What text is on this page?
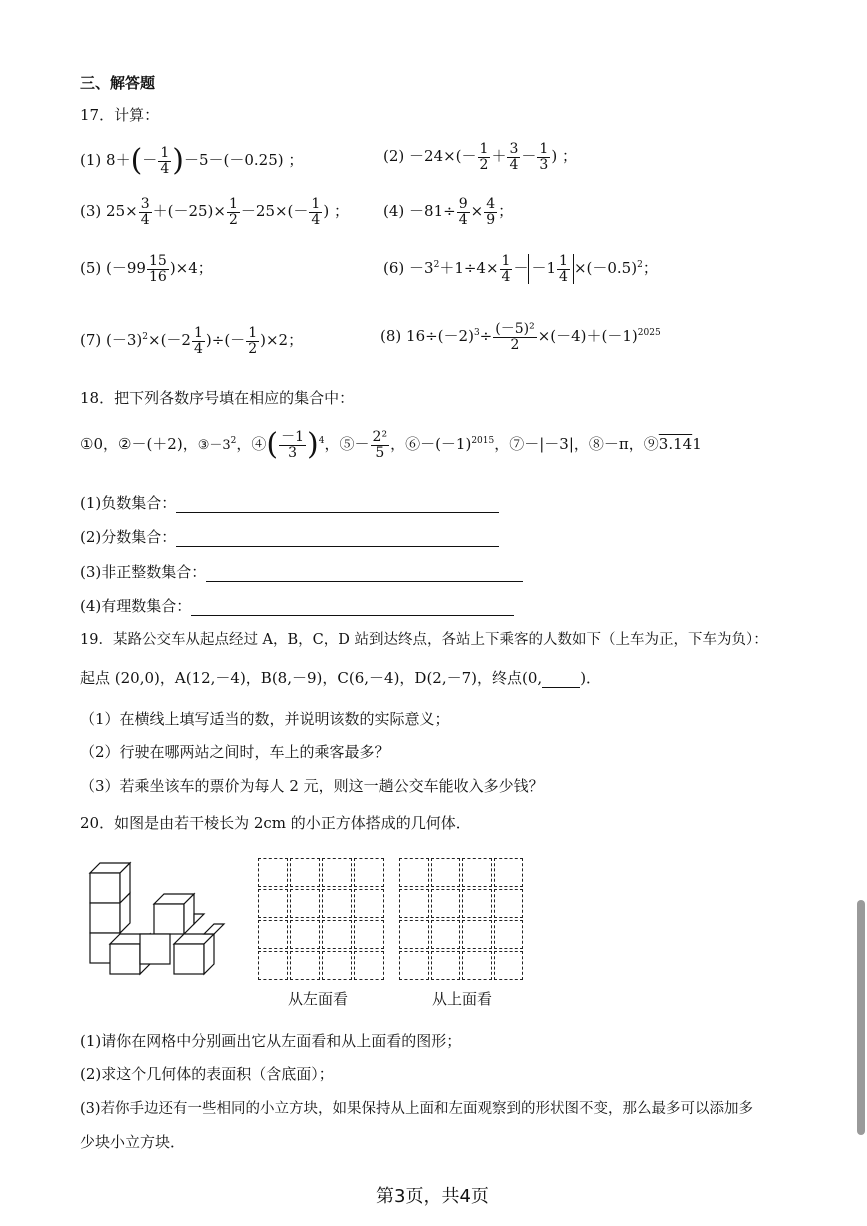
三、解答题
17．计算：
(1) $8+(- \frac{1}{4} )-5-(-0.25)$ ；	$(2) -24\times(- \frac{1}{2} + \frac{3}{4} - \frac{1}{3}$ ) ；
(3) $25\times \frac{3}{4} +(-25)\times \frac{1}{2} -25\times(- \frac{1}{4}$ ) ； $(4) -81\div \frac{9}{4} \times \frac{4}{9}$ ；
(5) $(-99 \frac{15}{16} )\times 4$；	$(6) -3^2+1\div 4\times \frac{1}{4} - -1 \frac{1}{4} \times(-0.5)^2$；
(7) $(-3)^2\times(-2 \frac{1}{4}$ )÷(－ $\frac{1}{2} )\times 2$；	(8) $16\div(-2)^3\div \frac{\text{(－5)²}}{2} \times(-4)+(-1)^{2025}$
18．把下列各数序号填在相应的集合中：
①0，②－(＋2)，$③-3^2$，④( $\frac{-1}{3} )^4$，⑤－ $\frac{\text{2²}}{5}$ ，$⑥-(-1)^{2015}$，⑦－|－3|，⑧－π，⑨3.141
(1)负数集合：
(2)分数集合：
(3)非正整数集合：
(4)有理数集合：
19．某路公交车从起点经过 A，B，C，D 站到达终点，各站上下乘客的人数如下（上车为正，下车为负）：
起点 (20,0)，A(12,－4)，B(8,－9)，C(6,－4)，D(2,－7)，终点(0,	)．
（1）在横线上填写适当的数，并说明该数的实际意义；
（2）行驶在哪两站之间时，车上的乘客最多？
（3）若乘坐该车的票价为每人 2 元，则这一趟公交车能收入多少钱？
20．如图是由若干棱长为 2cm 的小正方体搭成的几何体．
从左面看	从上面看
(1)请你在网格中分别画出它从左面看和从上面看的图形；
(2)求这个几何体的表面积（含底面）；
(3)若你手边还有一些相同的小立方块，如果保持从上面和左面观察到的形状图不变，那么最多可以添加多
少块小立方块．
第3页，共4页
